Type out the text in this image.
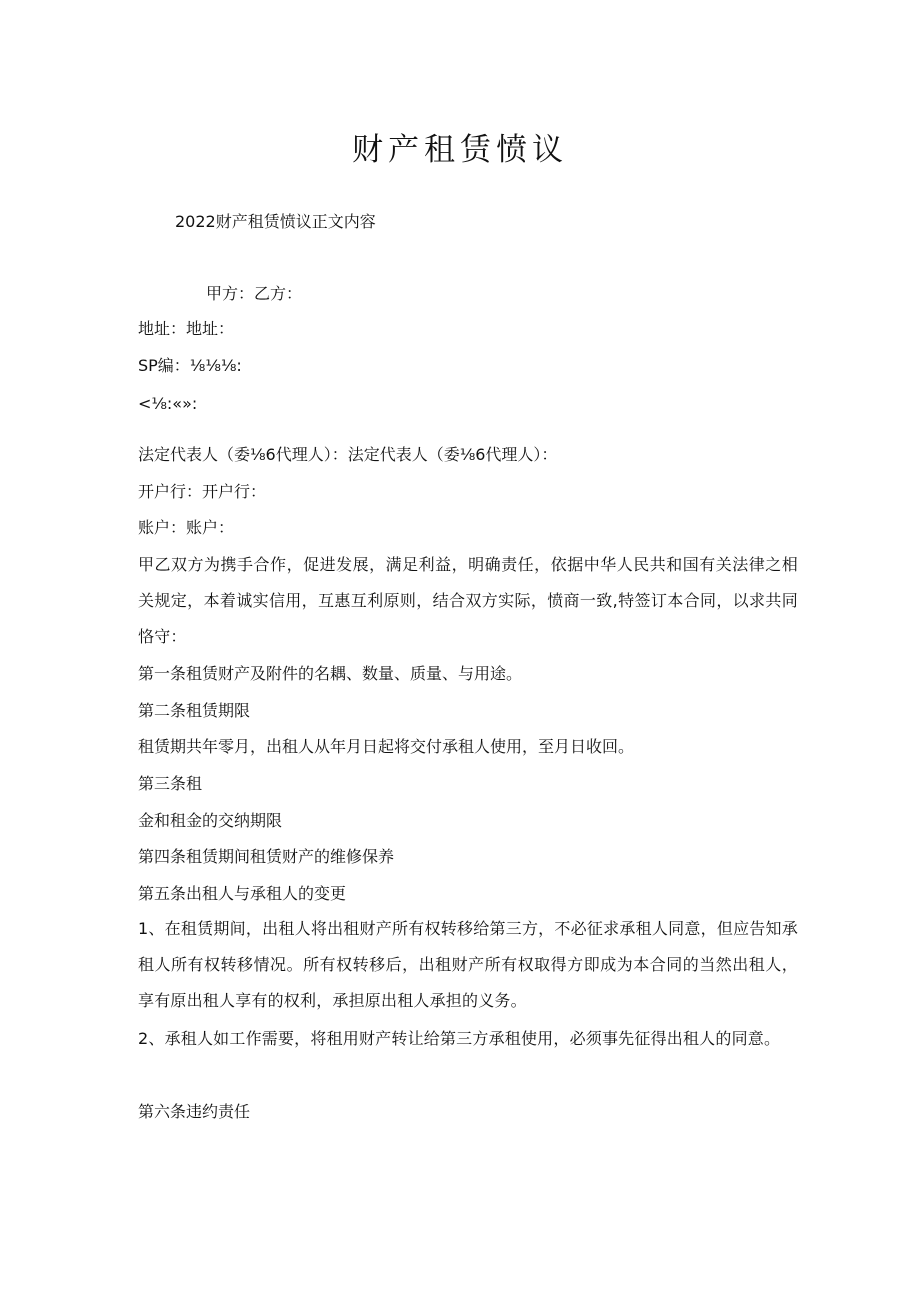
财产租赁愤议
2022财产租赁愤议正文内容
甲方：乙方：
地址：地址：
SP编：⅛⅛⅛:
<⅛:«»:
法定代表人（委⅛6代理人）：法定代表人（委⅛6代理人）：
开户行：开户行：
账户：账户：
甲乙双方为携手合作，促进发展，满足利益，明确责任，依据中华人民共和国有关法律之相关规定，本着诚实信用，互惠互利原则，结合双方实际，愤商一致,特签订本合同，以求共同恪守：
第一条租赁财产及附件的名耦、数量、质量、与用途。
第二条租赁期限
租赁期共年零月，出租人从年月日起将交付承租人使用，至月日收回。
第三条租
金和租金的交纳期限
第四条租赁期间租赁财产的维修保养
第五条出租人与承租人的变更
1、在租赁期间，出租人将出租财产所有权转移给第三方，不必征求承租人同意，但应告知承租人所有权转移情况。所有权转移后，出租财产所有权取得方即成为本合同的当然出租人，享有原出租人享有的权利，承担原出租人承担的义务。
2、承租人如工作需要，将租用财产转让给第三方承租使用，必须事先征得出租人的同意。
第六条违约责任
